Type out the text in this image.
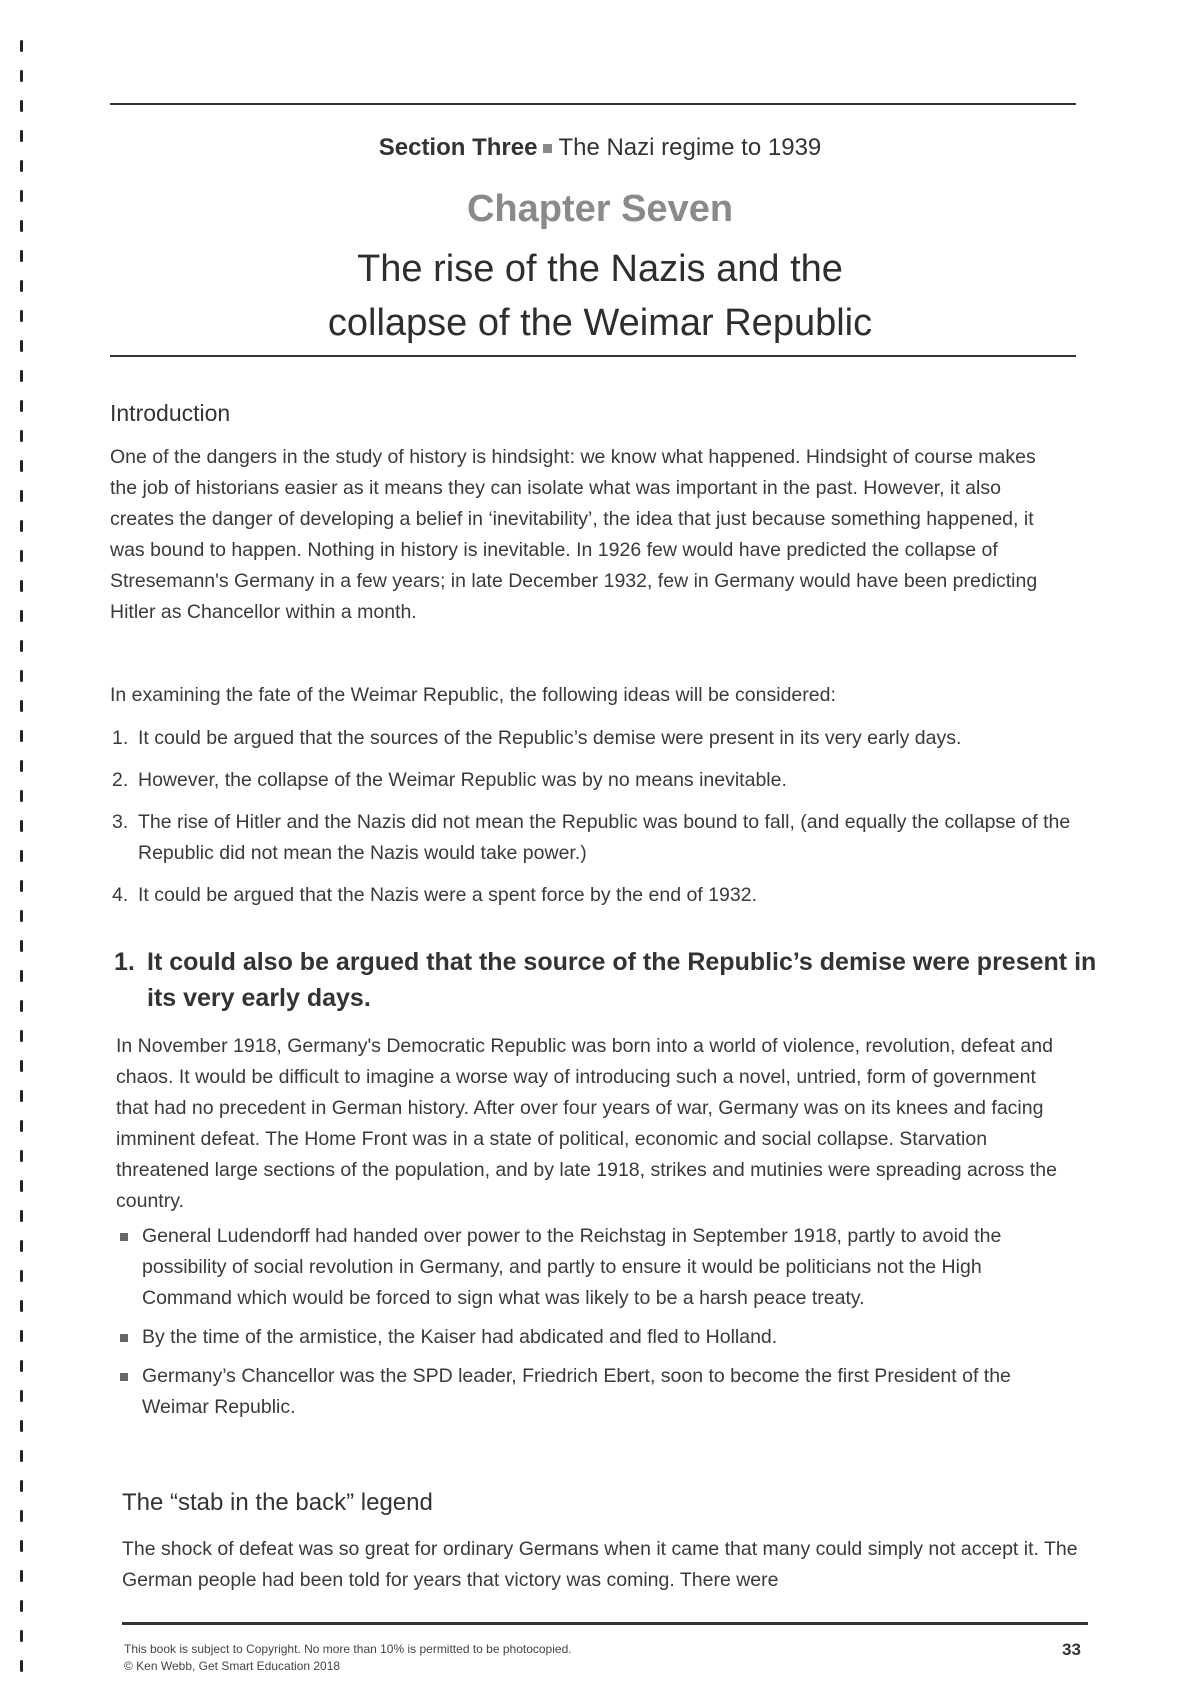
Section Three The Nazi regime to 1939
Chapter Seven
The rise of the Nazis and the
collapse of the Weimar Republic
Introduction

One of the dangers in the study of history is hindsight: we know what happened. Hindsight of course makes the job of historians easier as it means they can isolate what was important in the past. However, it also creates the danger of developing a belief in ‘inevitability’, the idea that just because something happened, it was bound to happen. Nothing in history is inevitable. In 1926 few would have predicted the collapse of Stresemann's Germany in a few years; in late December 1932, few in Germany would have been predicting Hitler as Chancellor within a month.

In examining the fate of the Weimar Republic, the following ideas will be considered:

1. It could be argued that the sources of the Republic’s demise were present in its very early days.
2. However, the collapse of the Weimar Republic was by no means inevitable.
3. The rise of Hitler and the Nazis did not mean the Republic was bound to fall, (and equally the collapse of the Republic did not mean the Nazis would take power.)
4. It could be argued that the Nazis were a spent force by the end of 1932.
1. It could also be argued that the source of the Republic’s demise were present in its very early days.

In November 1918, Germany's Democratic Republic was born into a world of violence, revolution, defeat and chaos. It would be difficult to imagine a worse way of introducing such a novel, untried, form of government that had no precedent in German history. After over four years of war, Germany was on its knees and facing imminent defeat. The Home Front was in a state of political, economic and social collapse. Starvation threatened large sections of the population, and by late 1918, strikes and mutinies were spreading across the country.

General Ludendorff had handed over power to the Reichstag in September 1918, partly to avoid the possibility of social revolution in Germany, and partly to ensure it would be politicians not the High Command which would be forced to sign what was likely to be a harsh peace treaty.
By the time of the armistice, the Kaiser had abdicated and fled to Holland.
Germany’s Chancellor was the SPD leader, Friedrich Ebert, soon to become the first President of the Weimar Republic.
The “stab in the back” legend

The shock of defeat was so great for ordinary Germans when it came that many could simply not accept it. The German people had been told for years that victory was coming. There were

This book is subject to Copyright. No more than 10% is permitted to be photocopied.
© Ken Webb, Get Smart Education 2018
33
